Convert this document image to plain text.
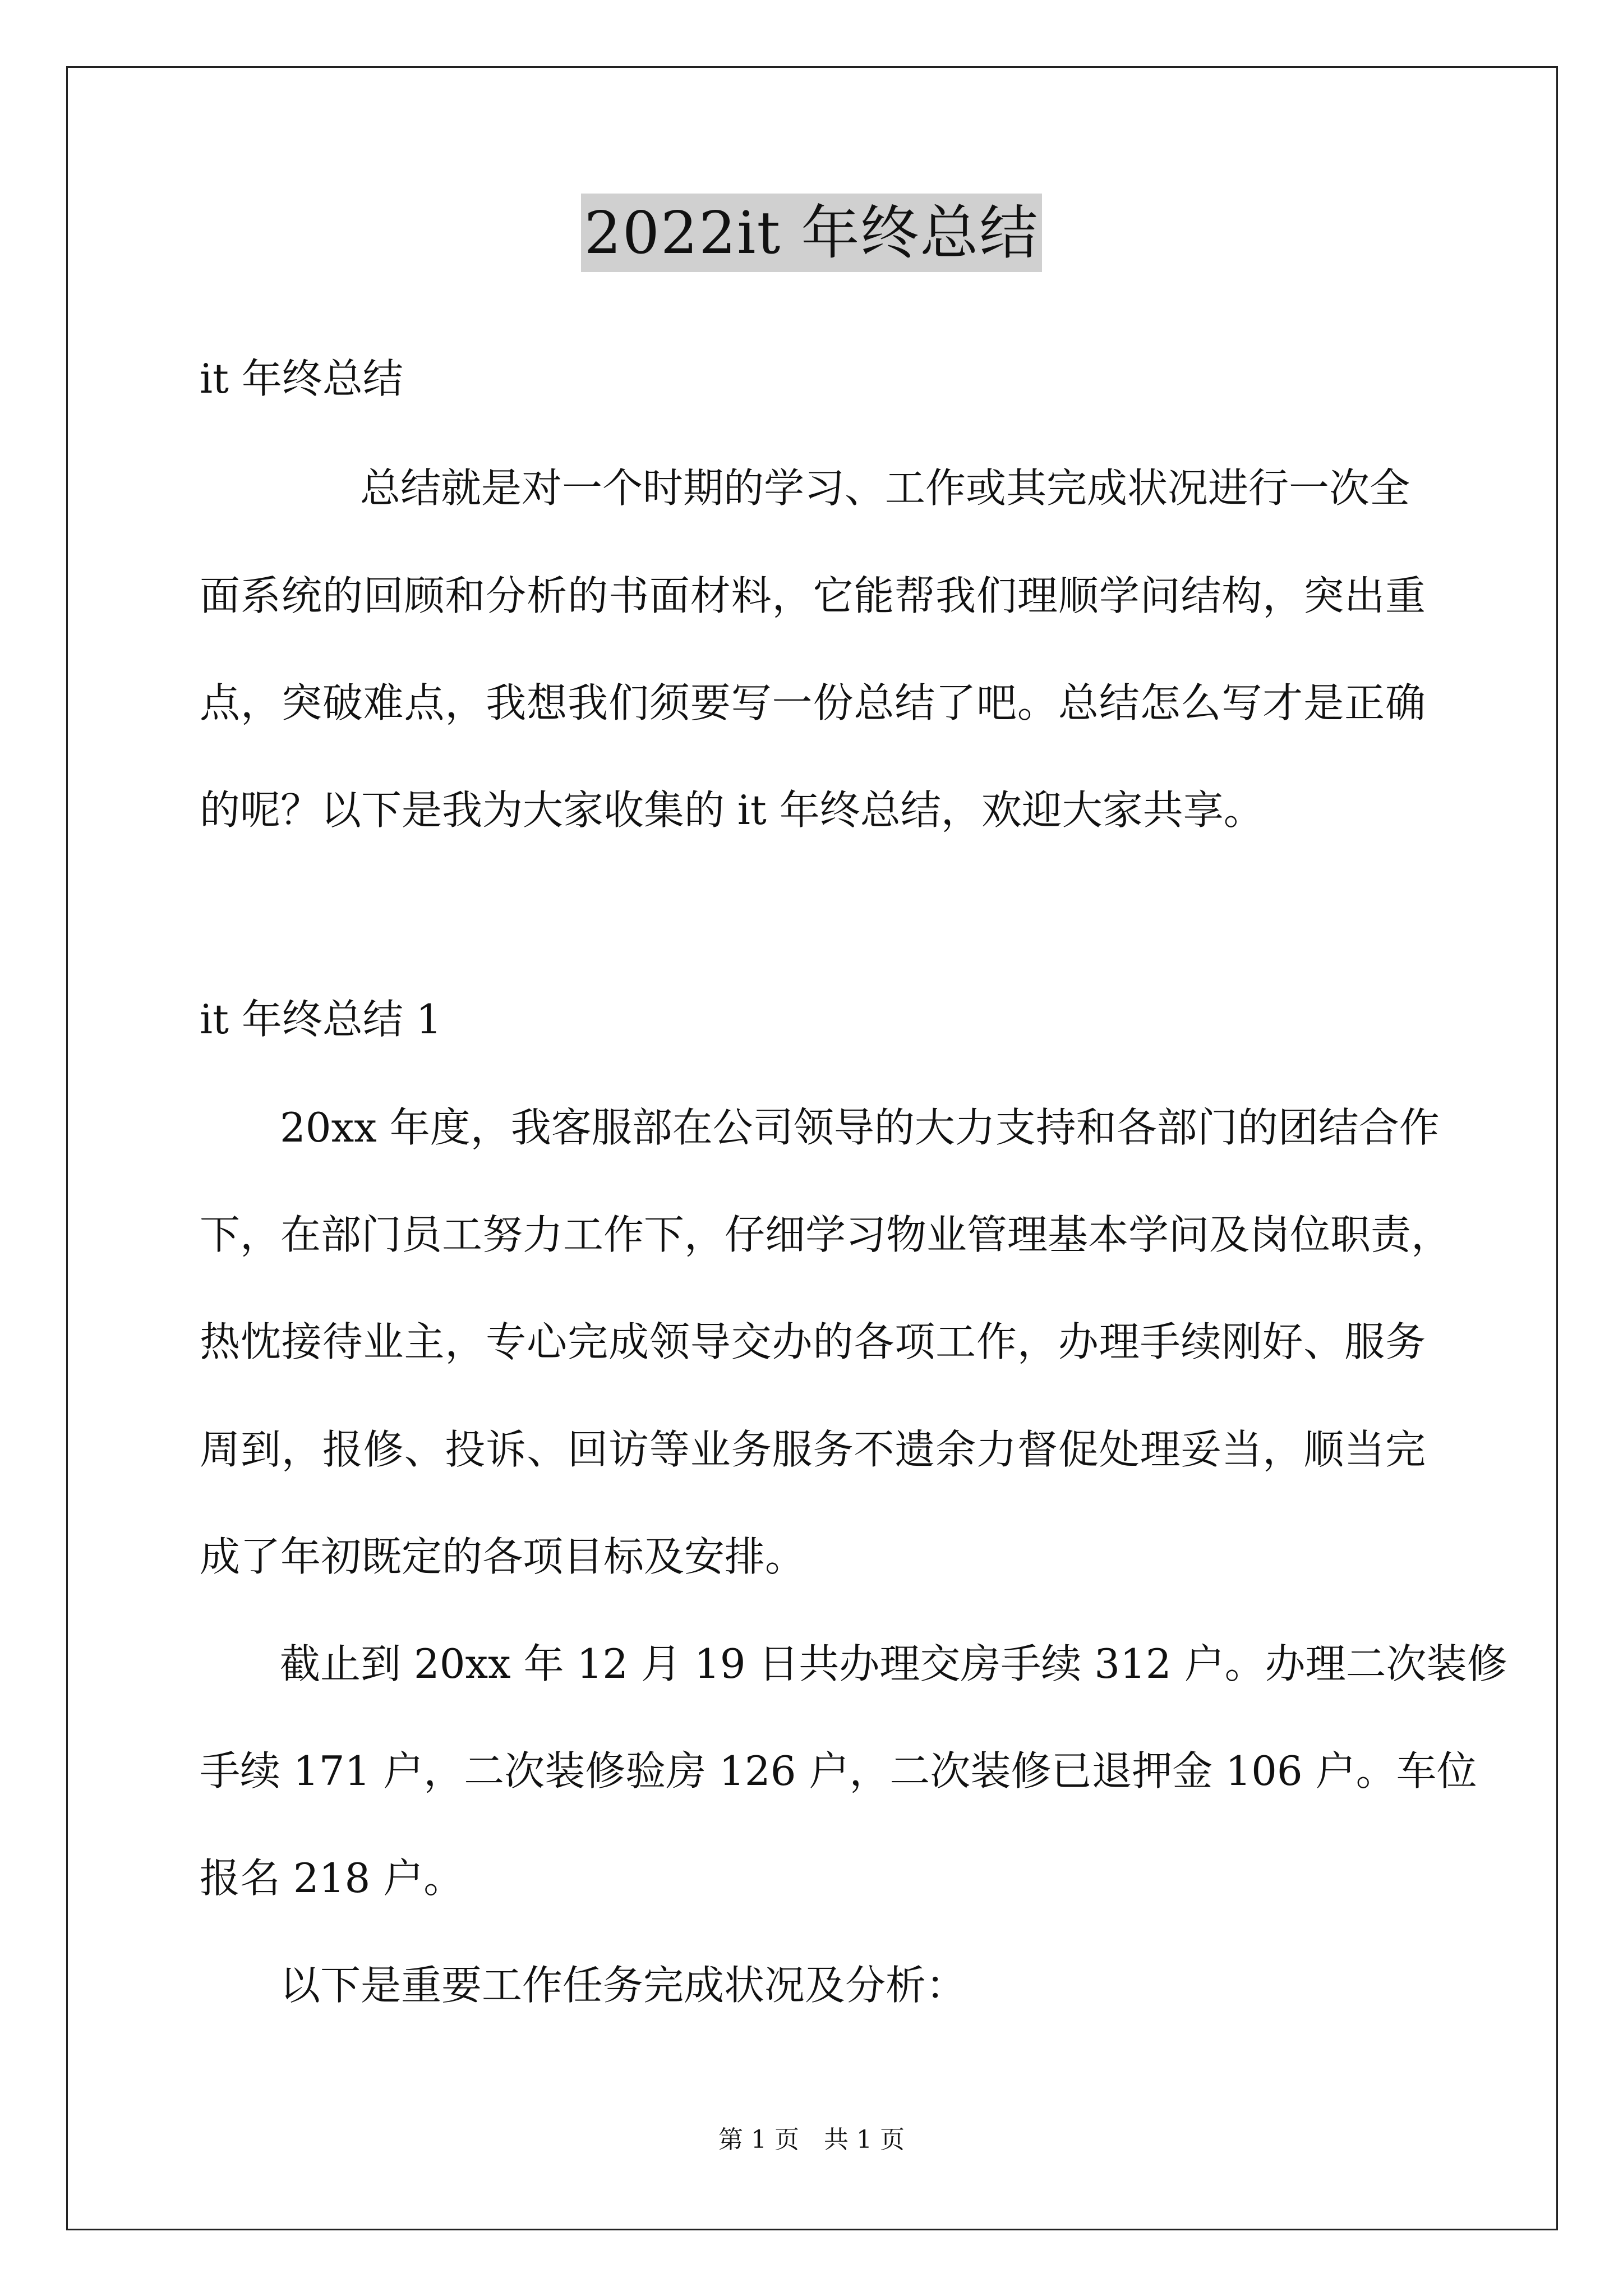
2022it 年终总结
it 年终总结
总结就是对一个时期的学习、工作或其完成状况进行一次全
面系统的回顾和分析的书面材料，它能帮我们理顺学问结构，突出重
点，突破难点，我想我们须要写一份总结了吧。总结怎么写才是正确
的呢？以下是我为大家收集的 it 年终总结，欢迎大家共享。
it 年终总结 1
20xx 年度，我客服部在公司领导的大力支持和各部门的团结合作
下，在部门员工努力工作下，仔细学习物业管理基本学问及岗位职责，
热忱接待业主，专心完成领导交办的各项工作，办理手续刚好、服务
周到，报修、投诉、回访等业务服务不遗余力督促处理妥当，顺当完
成了年初既定的各项目标及安排。
截止到 20xx 年 12 月 19 日共办理交房手续 312 户。办理二次装修
手续 171 户，二次装修验房 126 户，二次装修已退押金 106 户。车位
报名 218 户。
以下是重要工作任务完成状况及分析：
第 1 页　共 1 页
